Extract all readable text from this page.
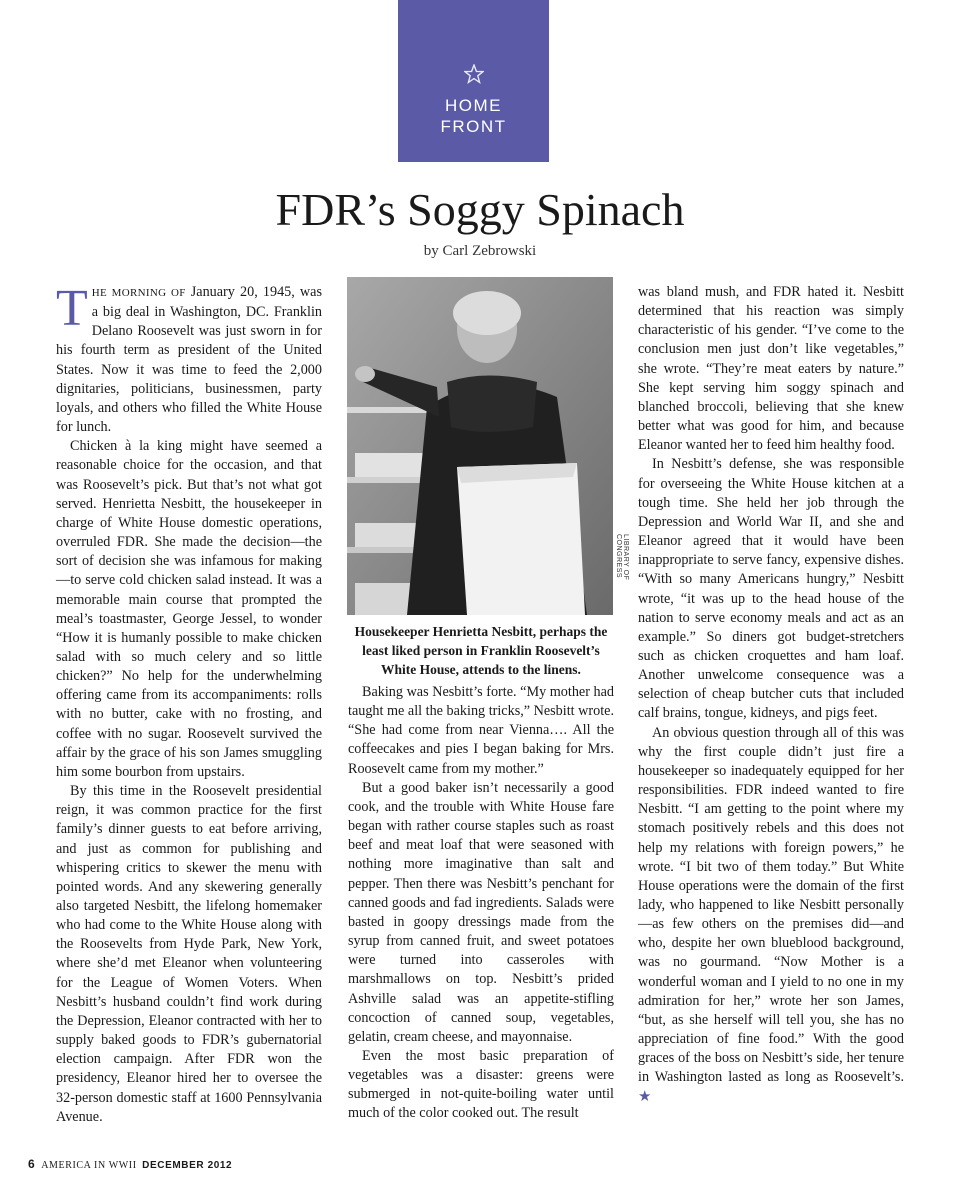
HOME
FRONT
FDR’s Soggy Spinach
by Carl Zebrowski

THE MORNING OF January 20, 1945, was a big deal in Washington, DC. Franklin Delano Roosevelt was just sworn in for his fourth term as president of the United States. Now it was time to feed the 2,000 dignitaries, politicians, businessmen, party loyals, and others who filled the White House for lunch.

Chicken à la king might have seemed a reasonable choice for the occasion, and that was Roosevelt’s pick. But that’s not what got served. Henrietta Nesbitt, the housekeeper in charge of White House domestic operations, overruled FDR. She made the decision—the sort of decision she was infamous for making—to serve cold chicken salad instead. It was a memorable main course that prompted the meal’s toastmaster, George Jessel, to wonder “How it is humanly possible to make chicken salad with so much celery and so little chicken?” No help for the underwhelming offering came from its accompaniments: rolls with no butter, cake with no frosting, and coffee with no sugar. Roosevelt survived the affair by the grace of his son James smuggling him some bourbon from upstairs.

By this time in the Roosevelt presidential reign, it was common practice for the first family’s dinner guests to eat before arriving, and just as common for publishing and whispering critics to skewer the menu with pointed words. And any skewering generally also targeted Nesbitt, the lifelong homemaker who had come to the White House along with the Roosevelts from Hyde Park, New York, where she’d met Eleanor when volunteering for the League of Women Voters. When Nesbitt’s husband couldn’t find work during the Depression, Eleanor contracted with her to supply baked goods to FDR’s gubernatorial election campaign. After FDR won the presidency, Eleanor hired her to oversee the 32-person domestic staff at 1600 Pennsylvania Avenue.

LIBRARY OF CONGRESS
Housekeeper Henrietta Nesbitt, perhaps the least liked person in Franklin Roosevelt’s White House, attends to the linens.

Baking was Nesbitt’s forte. “My mother had taught me all the baking tricks,” Nesbitt wrote. “She had come from near Vienna…. All the coffeecakes and pies I began baking for Mrs. Roosevelt came from my mother.”

But a good baker isn’t necessarily a good cook, and the trouble with White House fare began with rather course staples such as roast beef and meat loaf that were seasoned with nothing more imaginative than salt and pepper. Then there was Nesbitt’s penchant for canned goods and fad ingredients. Salads were basted in goopy dressings made from the syrup from canned fruit, and sweet potatoes were turned into casseroles with marshmallows on top. Nesbitt’s prided Ashville salad was an appetite-stifling concoction of canned soup, vegetables, gelatin, cream cheese, and mayonnaise.

Even the most basic preparation of vegetables was a disaster: greens were submerged in not-quite-boiling water until much of the color cooked out. The result

was bland mush, and FDR hated it. Nesbitt determined that his reaction was simply characteristic of his gender. “I’ve come to the conclusion men just don’t like vegetables,” she wrote. “They’re meat eaters by nature.” She kept serving him soggy spinach and blanched broccoli, believing that she knew better what was good for him, and because Eleanor wanted her to feed him healthy food.

In Nesbitt’s defense, she was responsible for overseeing the White House kitchen at a tough time. She held her job through the Depression and World War II, and she and Eleanor agreed that it would have been inappropriate to serve fancy, expensive dishes. “With so many Americans hungry,” Nesbitt wrote, “it was up to the head house of the nation to serve economy meals and act as an example.” So diners got budget-stretchers such as chicken croquettes and ham loaf. Another unwelcome consequence was a selection of cheap butcher cuts that included calf brains, tongue, kidneys, and pigs feet.

An obvious question through all of this was why the first couple didn’t just fire a housekeeper so inadequately equipped for her responsibilities. FDR indeed wanted to fire Nesbitt. “I am getting to the point where my stomach positively rebels and this does not help my relations with foreign powers,” he wrote. “I bit two of them today.” But White House operations were the domain of the first lady, who happened to like Nesbitt personally—as few others on the premises did—and who, despite her own blueblood background, was no gourmand. “Now Mother is a wonderful woman and I yield to no one in my admiration for her,” wrote her son James, “but, as she herself will tell you, she has no appreciation of fine food.” With the good graces of the boss on Nesbitt’s side, her tenure in Washington lasted as long as Roosevelt’s. ★

6 AMERICA IN WWII DECEMBER 2012
